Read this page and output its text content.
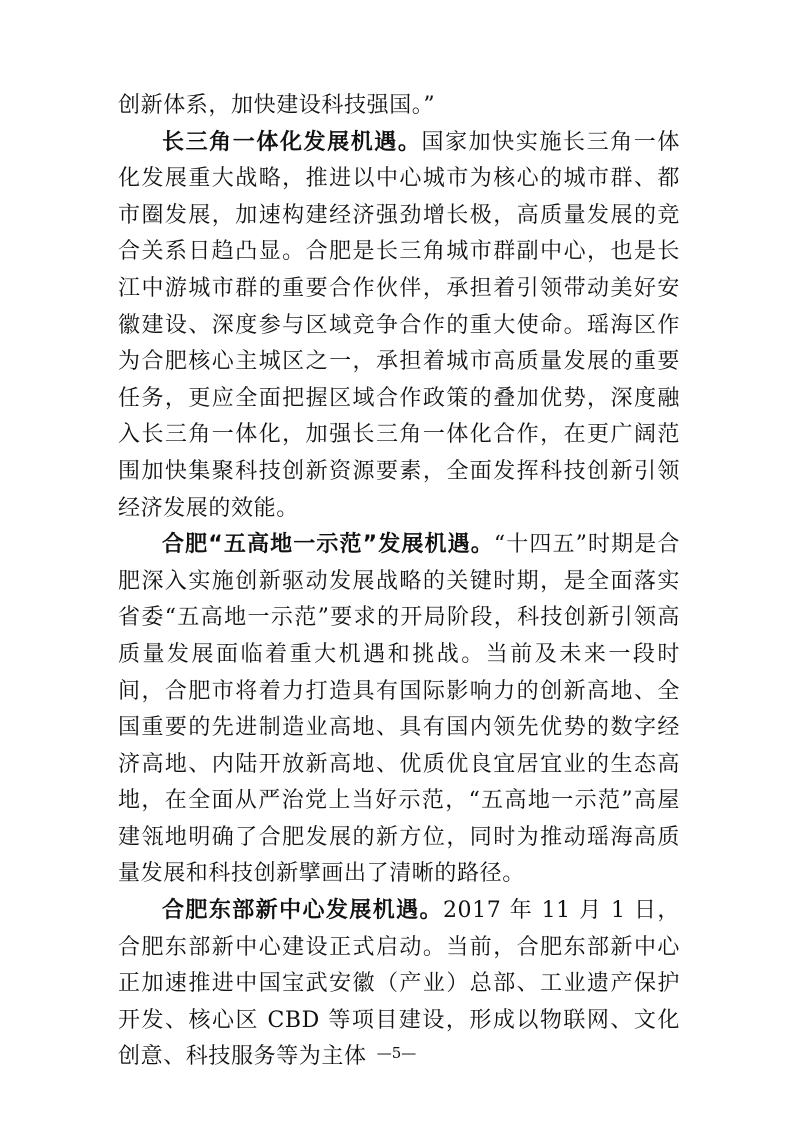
创新体系，加快建设科技强国。”

长三角一体化发展机遇。国家加快实施长三角一体化发展重大战略，推进以中心城市为核心的城市群、都市圈发展，加速构建经济强劲增长极，高质量发展的竞合关系日趋凸显。合肥是长三角城市群副中心，也是长江中游城市群的重要合作伙伴，承担着引领带动美好安徽建设、深度参与区域竞争合作的重大使命。瑶海区作为合肥核心主城区之一，承担着城市高质量发展的重要任务，更应全面把握区域合作政策的叠加优势，深度融入长三角一体化，加强长三角一体化合作，在更广阔范围加快集聚科技创新资源要素，全面发挥科技创新引领经济发展的效能。

合肥“五高地一示范”发展机遇。“十四五”时期是合肥深入实施创新驱动发展战略的关键时期，是全面落实省委“五高地一示范”要求的开局阶段，科技创新引领高质量发展面临着重大机遇和挑战。当前及未来一段时间，合肥市将着力打造具有国际影响力的创新高地、全国重要的先进制造业高地、具有国内领先优势的数字经济高地、内陆开放新高地、优质优良宜居宜业的生态高地，在全面从严治党上当好示范，“五高地一示范”高屋建瓴地明确了合肥发展的新方位，同时为推动瑶海高质量发展和科技创新擘画出了清晰的路径。

合肥东部新中心发展机遇。2017 年 11 月 1 日，合肥东部新中心建设正式启动。当前，合肥东部新中心正加速推进中国宝武安徽（产业）总部、工业遗产保护开发、核心区 CBD 等项目建设，形成以物联网、文化创意、科技服务等为主体 —5—
